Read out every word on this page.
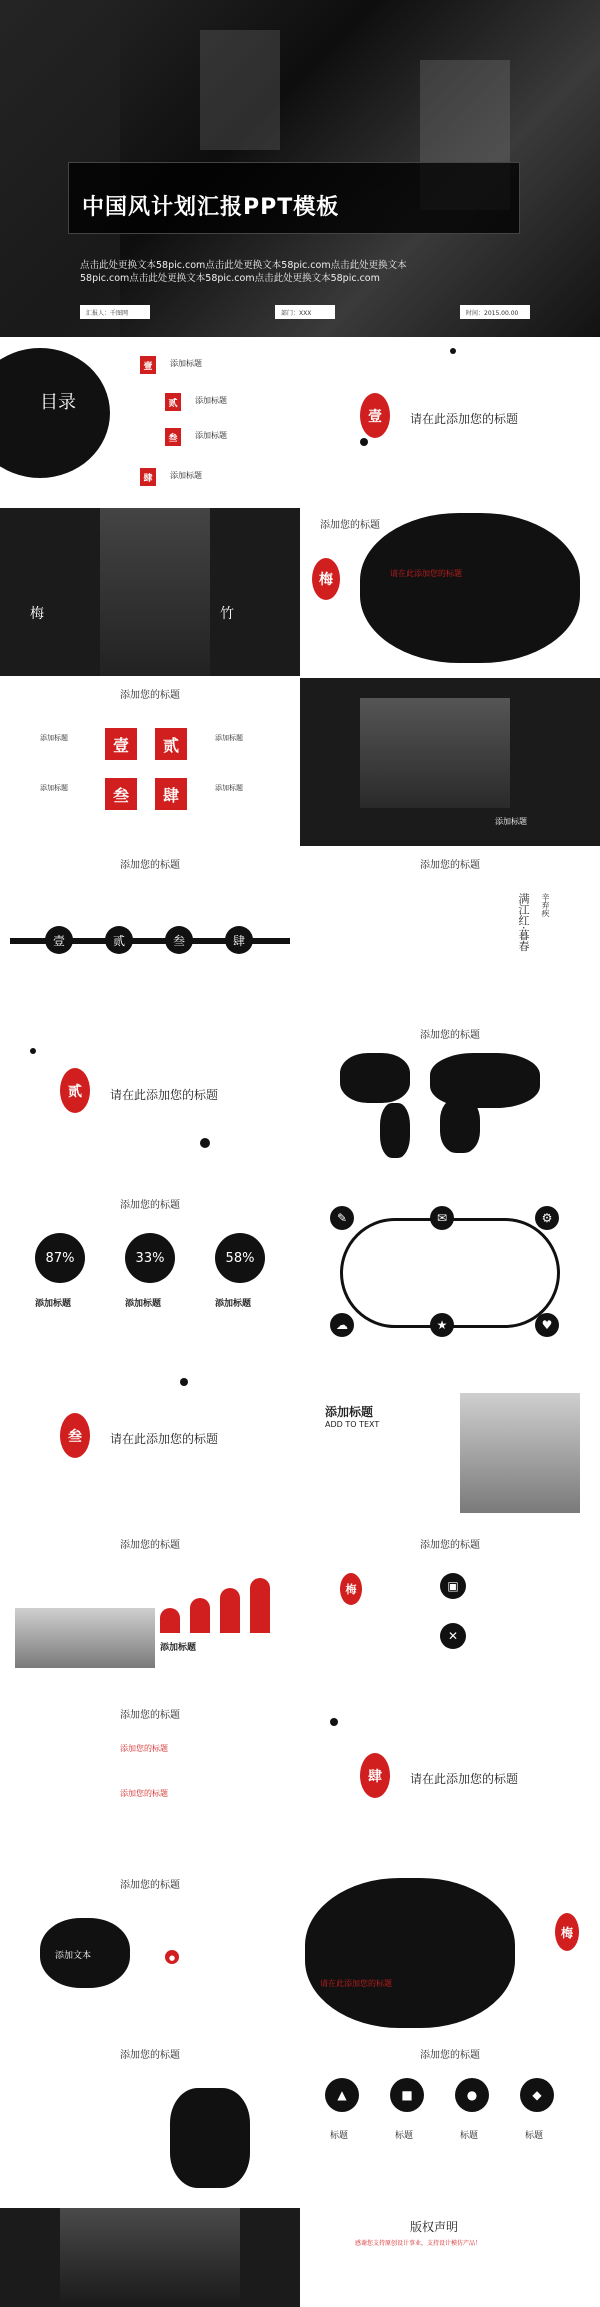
中国风计划汇报PPT模板
点击此处更换文本58pic.com点击此处更换文本58pic.com点击此处更换文本58pic.com点击此处更换文本58pic.com点击此处更换文本58pic.com
汇报人：千图网	部门：XXX	时间：2015.00.00
目录
壹	添加标题
贰	添加标题
叁	添加标题
肆	添加标题
壹	请在此添加您的标题
梅	竹
添加您的标题
梅	请在此添加您的标题
添加您的标题
壹	贰
叁	肆
添加标题	添加标题
添加标题	添加标题
添加标题
添加您的标题
壹	贰	叁	肆
添加您的标题
满江红·暮春 辛弃疾
贰	请在此添加您的标题
添加您的标题
添加您的标题
87%	33%	58%
添加标题	添加标题	添加标题
✎	✉	⚙
☁	★	♥
叁	请在此添加您的标题
添加标题
ADD TO TEXT
添加您的标题
添加标题
添加您的标题
梅	▣
✕
添加您的标题
添加您的标题
添加您的标题
肆	请在此添加您的标题
添加您的标题
添加文本	●
请在此添加您的标题
梅
添加您的标题	添加您的标题
▲	■	●	◆
标题	标题	标题	标题
版权声明
感谢您支持原创设计事业，支持设计模仿产品！
